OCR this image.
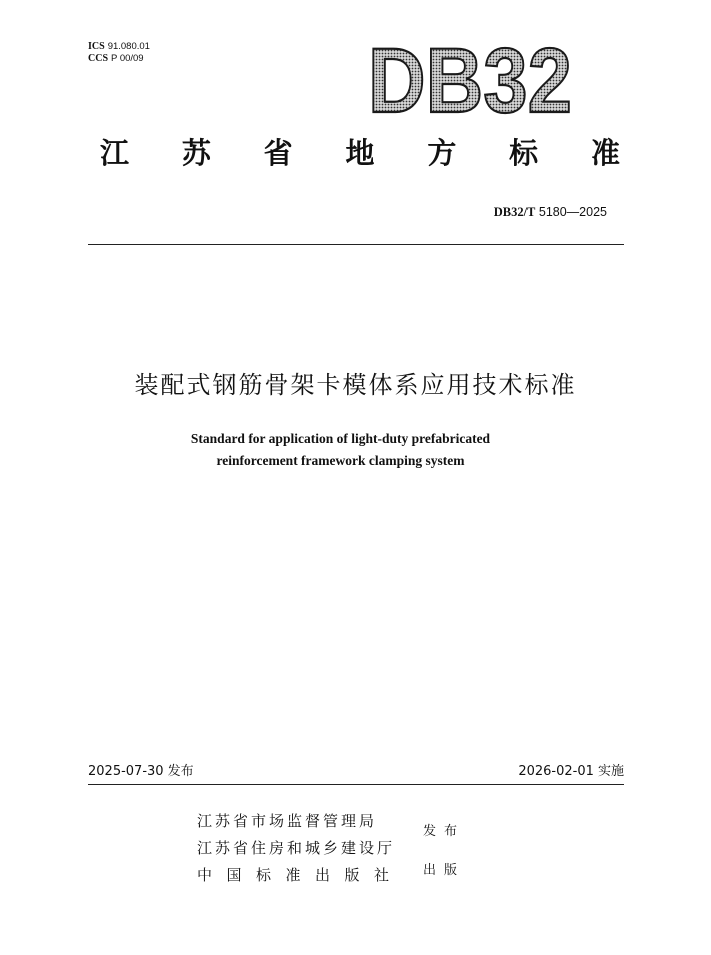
ICS 91.080.01
CCS P 00/09 DB32
江 苏 省 地 方 标 准
DB32/T 5180—2025
装配式钢筋骨架卡模体系应用技术标准
Standard for application of light-duty prefabricated
reinforcement framework clamping system
2025-07-30 发布	2026-02-01 实施
江苏省市场监督管理局
江苏省住房和城乡建设厅
中国标准出版社
发布
出版
